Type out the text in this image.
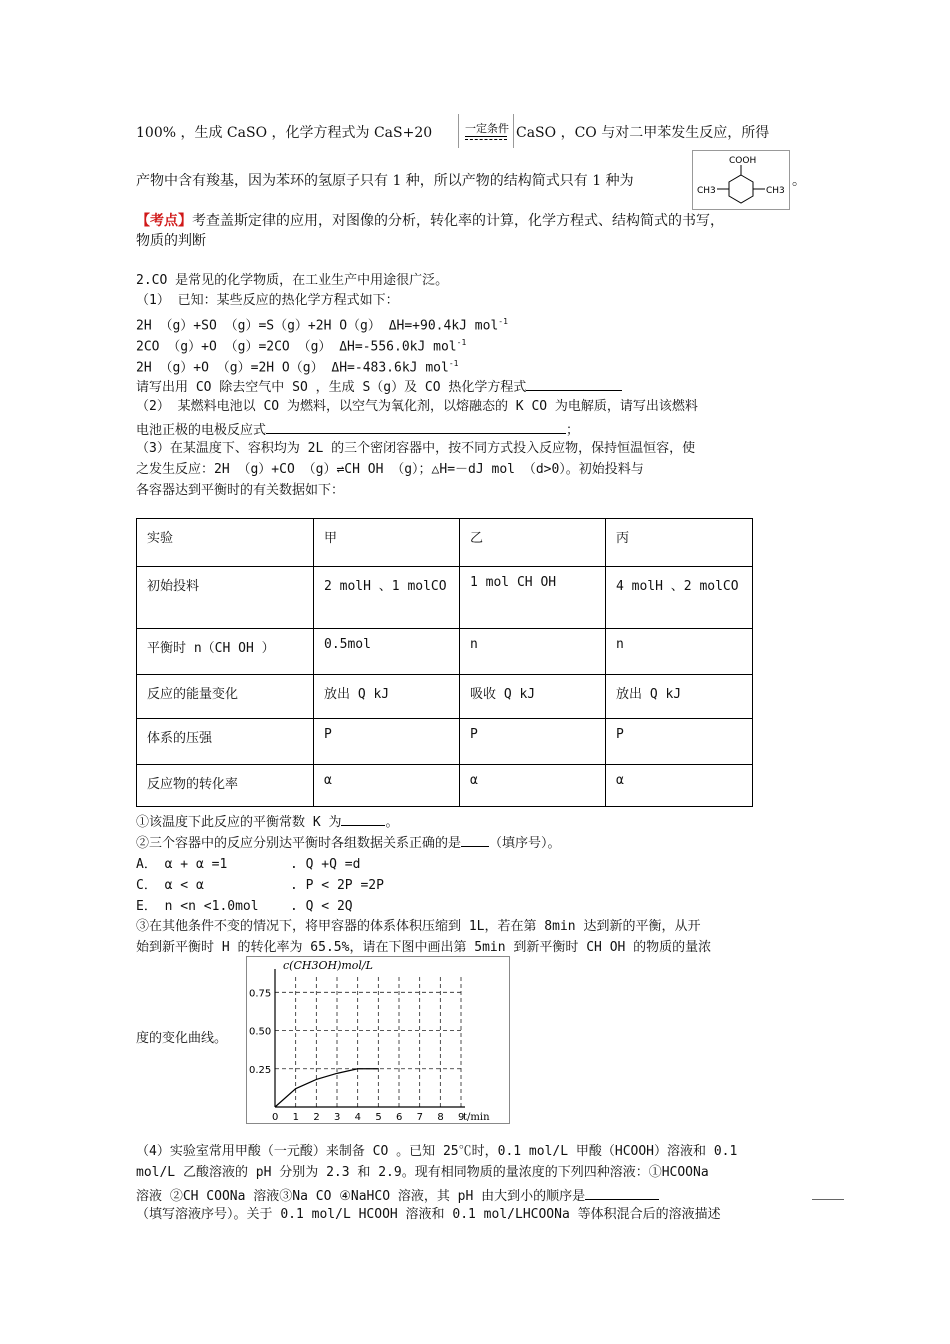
100% ，生成 CaSO ，化学方程式为 CaS+20	一定条件 CaSO ，CO 与对二甲苯发生反应，所得
产物中含有羧基，因为苯环的氢原子只有 1 种，所以产物的结构简式只有 1 种为
COOH
CH3	CH3
。
【考点】考查盖斯定律的应用，对图像的分析，转化率的计算，化学方程式、结构简式的书写，
物质的判断
2.CO 是常见的化学物质，在工业生产中用途很广泛。
（1） 已知：某些反应的热化学方程式如下：
2H （g）+SO （g）=S（g）+2H O（g） ΔH=+90.4kJ mol$^{-1}$
2CO （g）+O （g）=2CO （g） ΔH=-556.0kJ mol$^{-1}$
2H （g）+O （g）=2H O（g） ΔH=-483.6kJ mol$^{-1}$
请写出用 CO 除去空气中 SO ，生成 S（g）及 CO 热化学方程式
（2） 某燃料电池以 CO 为燃料，以空气为氧化剂，以熔融态的 K CO 为电解质，请写出该燃料
电池正极的电极反应式	；
（3）在某温度下、容积均为 2L 的三个密闭容器中，按不同方式投入反应物，保持恒温恒容，使
之发生反应：2H （g）+CO （g）⇌CH OH （g）；△H=－dJ mol （d>0）。初始投料与
各容器达到平衡时的有关数据如下：
实验	甲	乙	丙
初始投料	2 molH 、1 molCO	1 mol CH OH	4 molH 、2 molCO
平衡时 n（CH OH ）	0.5mol	n	n
反应的能量变化	放出 Q kJ	吸收 Q kJ	放出 Q kJ
体系的压强	P	P	P
反应物的转化率	α	α	α
①该温度下此反应的平衡常数 K 为	。
②三个容器中的反应分别达平衡时各组数据关系正确的是 （填序号）。
A． α + α =1	. Q +Q =d
C． α < α	. P < 2P =2P
E． n <n <1.0mol . Q < 2Q
③在其他条件不变的情况下，将甲容器的体系体积压缩到 1L，若在第 8min 达到新的平衡，从开
始到新平衡时 H 的转化率为 65.5%，请在下图中画出第 5min 到新平衡时 CH OH 的物质的量浓
度的变化曲线。
0 1 2 3 4 5 6 7 8 9
0.25
0.50
0.75
c(CH3OH)mol/L
t/min
（4）实验室常用甲酸（一元酸）来制备 CO 。已知 25℃时，0.1 mol/L 甲酸（HCOOH）溶液和 0.1
mol/L 乙酸溶液的 pH 分别为 2.3 和 2.9。现有相同物质的量浓度的下列四种溶液：①HCOONa
溶液 ②CH COONa 溶液③Na CO ④NaHCO 溶液，其 pH 由大到小的顺序是
（填写溶液序号）。关于 0.1 mol/L HCOOH 溶液和 0.1 mol/LHCOONa 等体积混合后的溶液描述
